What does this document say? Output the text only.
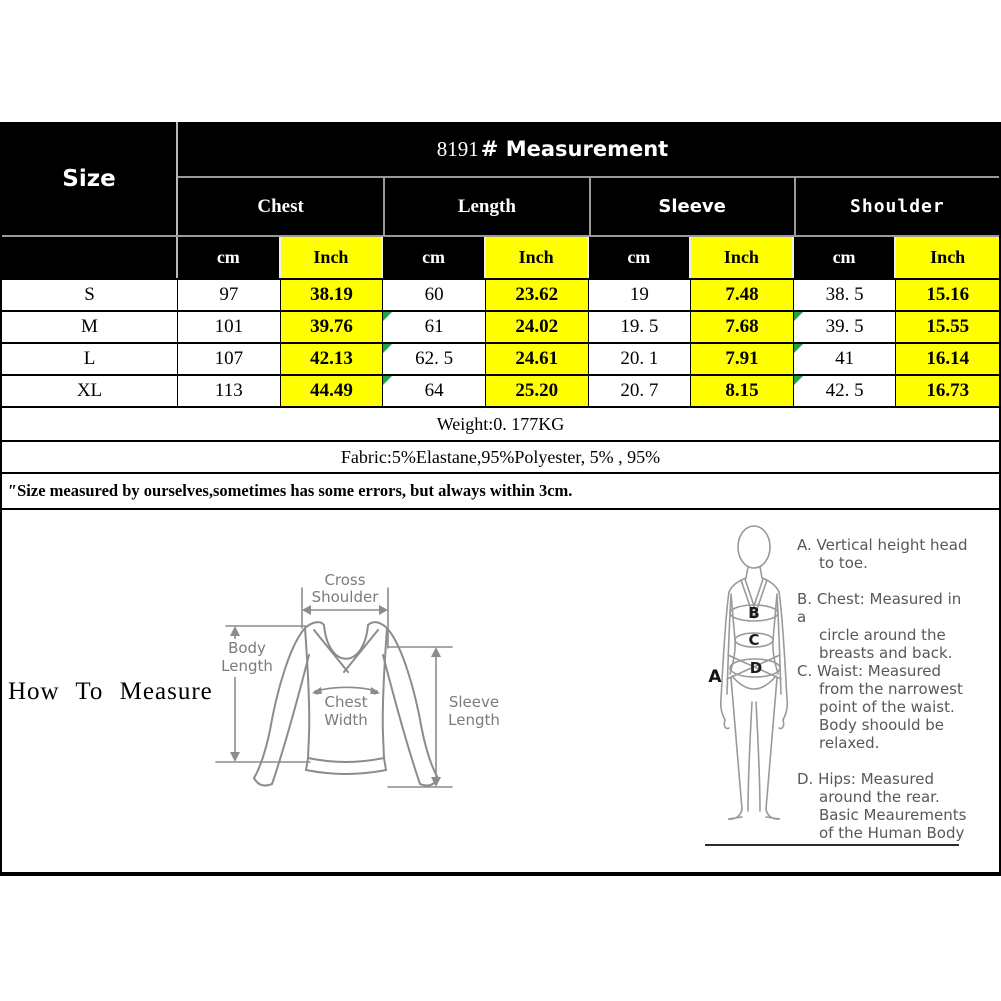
Size
8191 # Measurement
Chest	Length	Sleeve	Shoulder
cm	Inch	cm	Inch	cm	Inch	cm	Inch
S	97	38.19	60	23.62	19	7.48	38. 5	15.16
M	101	39.76	61	24.02	19. 5	7.68	39. 5	15.55
L	107	42.13	62. 5	24.61	20. 1	7.91	41	16.14
XL	113	44.49	64	25.20	20. 7	8.15	42. 5	16.73
Weight:0. 177KG
Fabric:5%Elastane,95%Polyester, 5% , 95%
″Size measured by ourselves,sometimes has some errors, but always within 3cm.
How To Measure
Cross
Shoulder
Body
Length
Chest
Width
Sleeve
Length
B
C
D
A
A. Vertical height head
to toe.
B. Chest: Measured in a
circle around the
breasts and back.
C. Waist: Measured
from the narrowest
point of the waist.
Body shoould be
relaxed.
D. Hips: Measured
around the rear.
Basic Meaurements
of the Human Body
